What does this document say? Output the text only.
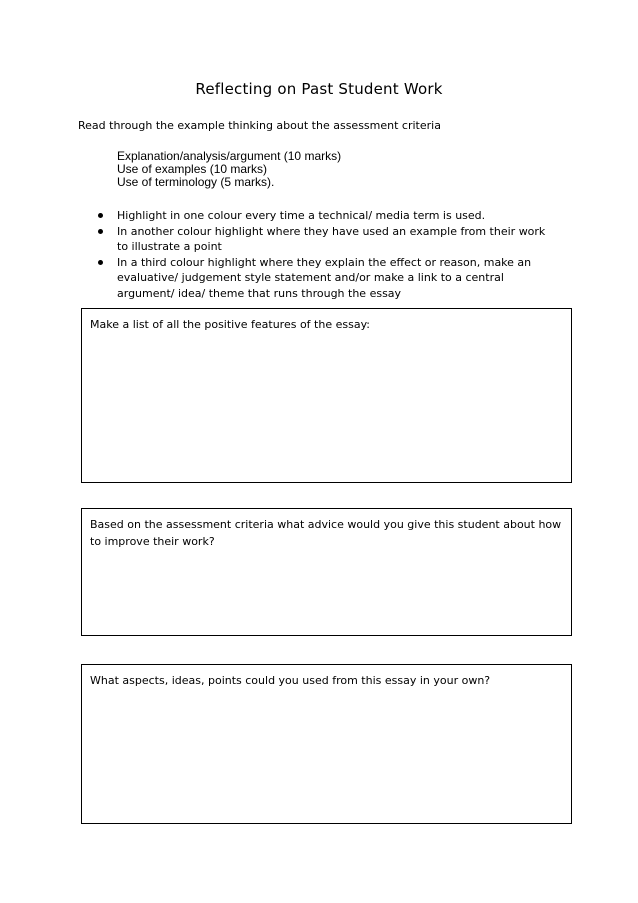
Reflecting on Past Student Work
Read through the example thinking about the assessment criteria
Explanation/analysis/argument (10 marks)
Use of examples (10 marks)
Use of terminology (5 marks).
Highlight in one colour every time a technical/ media term is used.
In another colour highlight where they have used an example from their work to illustrate a point
In a third colour highlight where they explain the effect or reason, make an evaluative/ judgement style statement and/or make a link to a central argument/ idea/ theme that runs through the essay
Make a list of all the positive features of the essay:
Based on the assessment criteria what advice would you give this student about how to improve their work?
What aspects, ideas, points could you used from this essay in your own?
